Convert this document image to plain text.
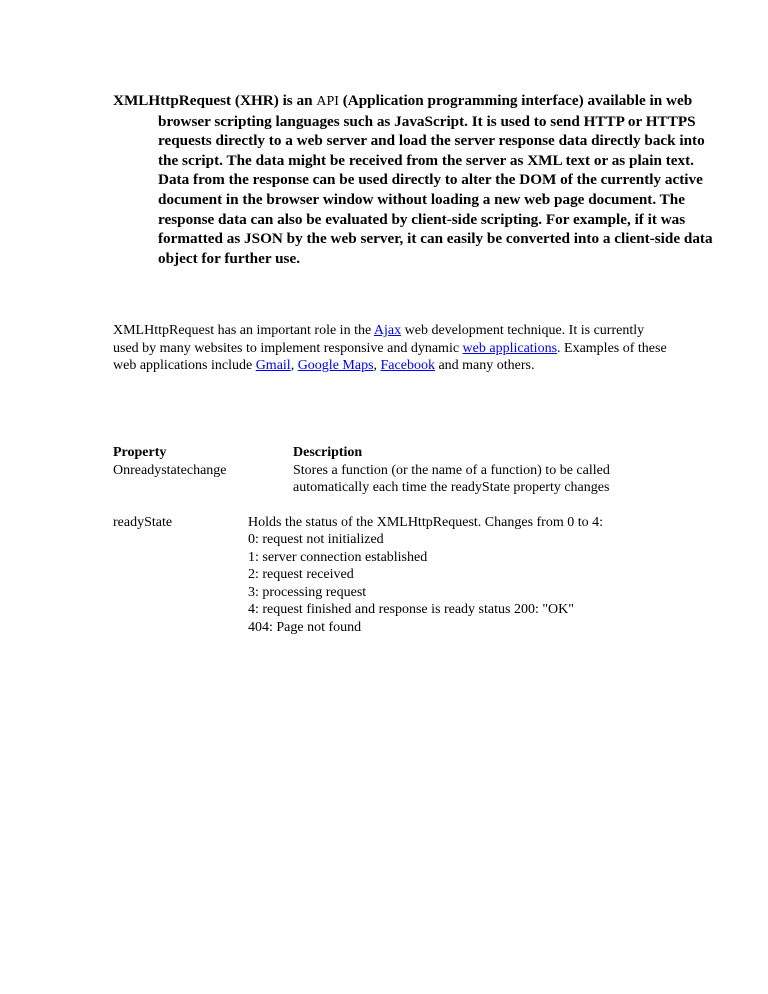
XMLHttpRequest (XHR) is an API (Application programming interface) available in web browser scripting languages such as JavaScript. It is used to send HTTP or HTTPS requests directly to a web server and load the server response data directly back into the script. The data might be received from the server as XML text or as plain text. Data from the response can be used directly to alter the DOM of the currently active document in the browser window without loading a new web page document. The response data can also be evaluated by client-side scripting. For example, if it was formatted as JSON by the web server, it can easily be converted into a client-side data object for further use.

XMLHttpRequest has an important role in the Ajax web development technique. It is currently used by many websites to implement responsive and dynamic web applications. Examples of these web applications include Gmail, Google Maps, Facebook and many others.

Property	Description
Onreadystatechange	Stores a function (or the name of a function) to be called
automatically each time the readyState property changes
readyState	Holds the status of the XMLHttpRequest. Changes from 0 to 4:
0: request not initialized
1: server connection established
2: request received
3: processing request
4: request finished and response is ready status 200: "OK"
404: Page not found
